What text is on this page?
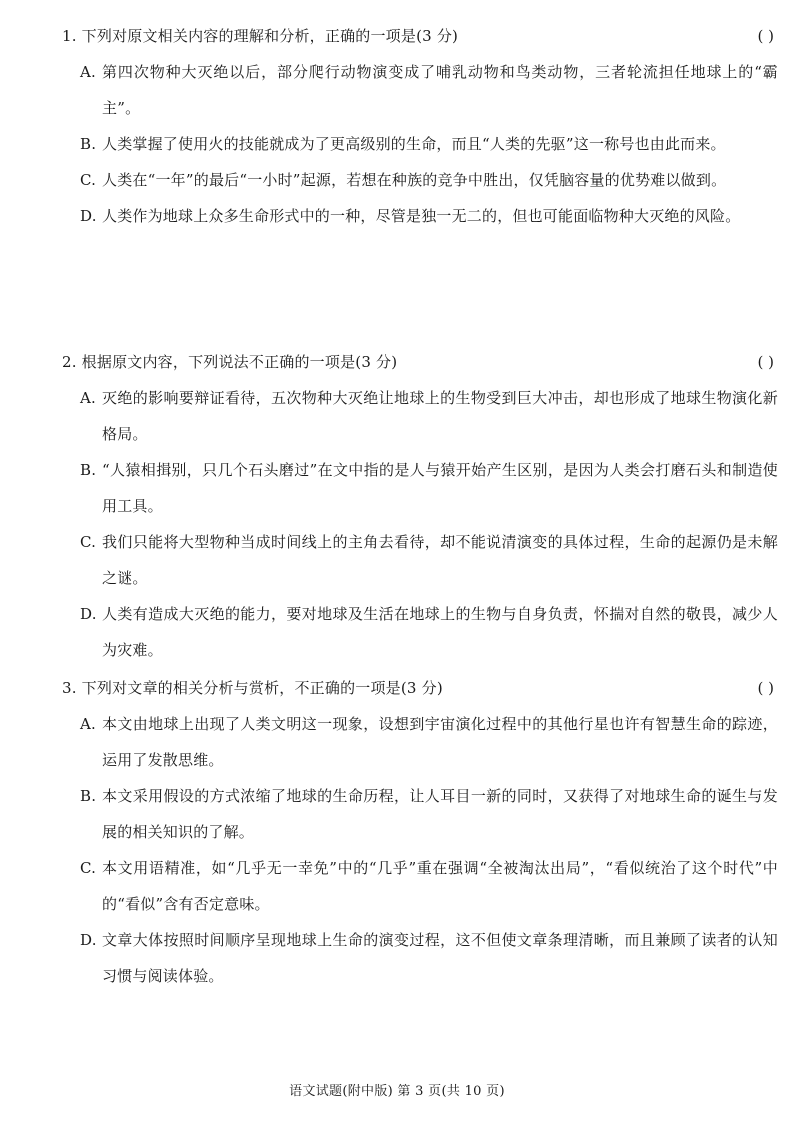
1. 下列对原文相关内容的理解和分析，正确的一项是(3 分)	( )
A. 第四次物种大灭绝以后，部分爬行动物演变成了哺乳动物和鸟类动物，三者轮流担任地球上的“霸主”。
B. 人类掌握了使用火的技能就成为了更高级别的生命，而且“人类的先驱”这一称号也由此而来。
C. 人类在“一年”的最后“一小时”起源，若想在种族的竞争中胜出，仅凭脑容量的优势难以做到。
D. 人类作为地球上众多生命形式中的一种，尽管是独一无二的，但也可能面临物种大灭绝的风险。
2. 根据原文内容，下列说法不正确的一项是(3 分)	( )
A. 灭绝的影响要辩证看待，五次物种大灭绝让地球上的生物受到巨大冲击，却也形成了地球生物演化新格局。
B. “人猿相揖别，只几个石头磨过”在文中指的是人与猿开始产生区别，是因为人类会打磨石头和制造使用工具。
C. 我们只能将大型物种当成时间线上的主角去看待，却不能说清演变的具体过程，生命的起源仍是未解之谜。
D. 人类有造成大灭绝的能力，要对地球及生活在地球上的生物与自身负责，怀揣对自然的敬畏，减少人为灾难。
3. 下列对文章的相关分析与赏析，不正确的一项是(3 分)	( )
A. 本文由地球上出现了人类文明这一现象，设想到宇宙演化过程中的其他行星也许有智慧生命的踪迹，运用了发散思维。
B. 本文采用假设的方式浓缩了地球的生命历程，让人耳目一新的同时，又获得了对地球生命的诞生与发展的相关知识的了解。
C. 本文用语精准，如“几乎无一幸免”中的“几乎”重在强调“全被淘汰出局”，“看似统治了这个时代”中的“看似”含有否定意味。
D. 文章大体按照时间顺序呈现地球上生命的演变过程，这不但使文章条理清晰，而且兼顾了读者的认知习惯与阅读体验。
语文试题(附中版) 第 3 页(共 10 页)
